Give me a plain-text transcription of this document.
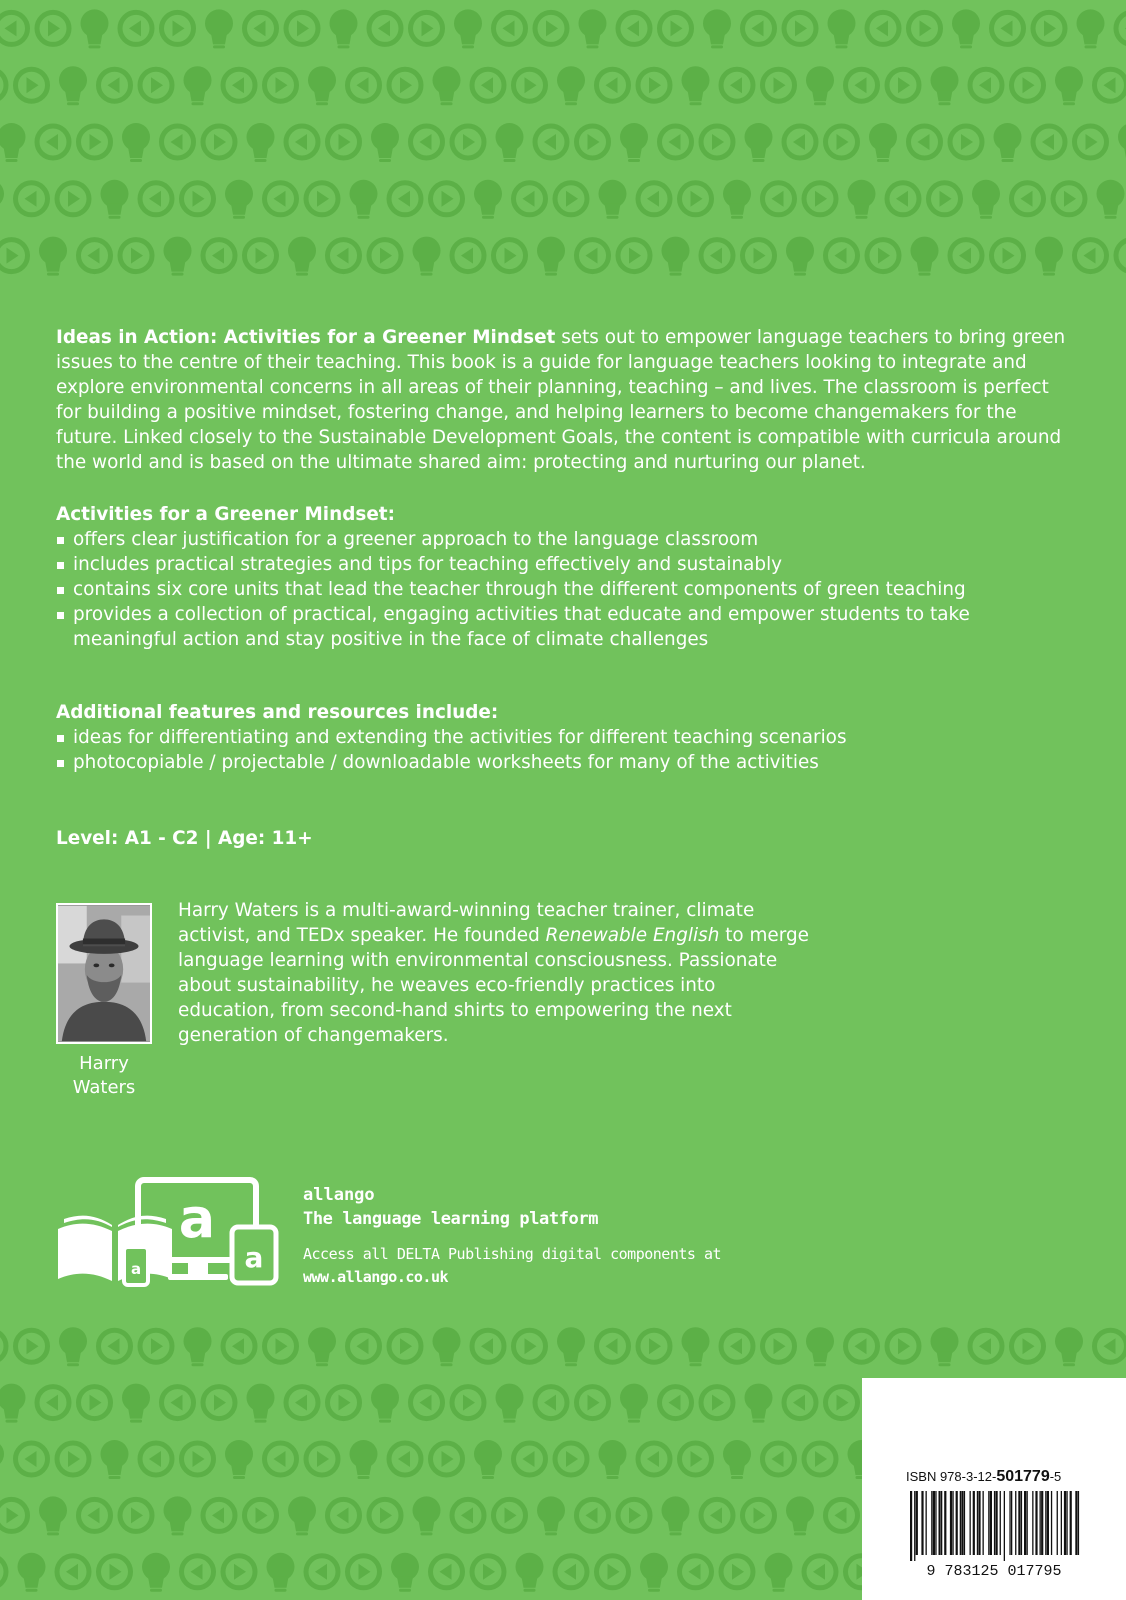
Ideas in Action: Activities for a Greener Mindset sets out to empower language teachers to bring green issues to the centre of their teaching. This book is a guide for language teachers looking to integrate and explore environmental concerns in all areas of their planning, teaching – and lives. The classroom is perfect for building a positive mindset, fostering change, and helping learners to become changemakers for the future. Linked closely to the Sustainable Development Goals, the content is compatible with curricula around the world and is based on the ultimate shared aim: protecting and nurturing our planet.

Activities for a Greener Mindset:

offers clear justification for a greener approach to the language classroom
includes practical strategies and tips for teaching effectively and sustainably
contains six core units that lead the teacher through the different components of green teaching
provides a collection of practical, engaging activities that educate and empower students to take meaningful action and stay positive in the face of climate challenges

Additional features and resources include:

ideas for differentiating and extending the activities for different teaching scenarios
photocopiable / projectable / downloadable worksheets for many of the activities

Level: A1 - C2 | Age: 11+

Harry Waters

Harry Waters is a multi-award-winning teacher trainer, climate activist, and TEDx speaker. He founded Renewable English to merge language learning with environmental consciousness. Passionate about sustainability, he weaves eco-friendly practices into education, from second-hand shirts to empowering the next generation of changemakers.

a
a
a
allango
The language learning platform
Access all DELTA Publishing digital components at www.allango.co.uk
ISBN 978-3-12-501779-5
9 783125 017795
